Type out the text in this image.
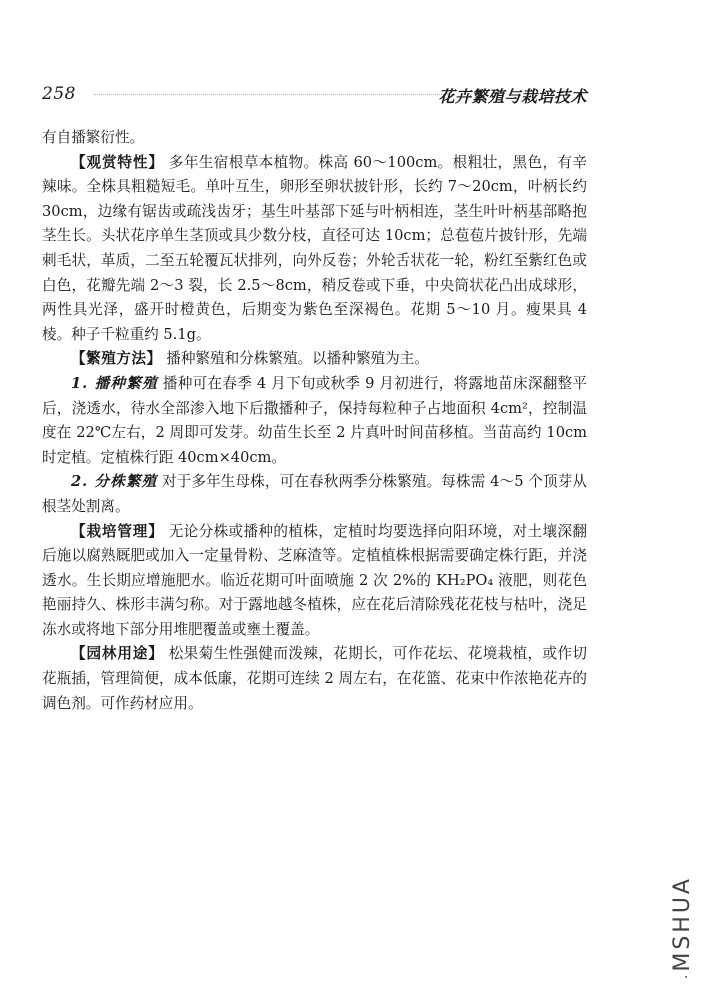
258	花卉繁殖与栽培技术

有自播繁衍性。

【观赏特性】 多年生宿根草本植物。株高 60～100cm。根粗壮，黑色，有辛辣味。全株具粗糙短毛。单叶互生，卵形至卵状披针形，长约 7～20cm，叶柄长约 30cm，边缘有锯齿或疏浅齿牙；基生叶基部下延与叶柄相连，茎生叶叶柄基部略抱茎生长。头状花序单生茎顶或具少数分枝，直径可达 10cm；总苞苞片披针形，先端刺毛状，革质，二至五轮覆瓦状排列，向外反卷；外轮舌状花一轮，粉红至紫红色或白色，花瓣先端 2～3 裂，长 2.5～8cm，稍反卷或下垂，中央筒状花凸出成球形，两性具光泽，盛开时橙黄色，后期变为紫色至深褐色。花期 5～10 月。瘦果具 4 棱。种子千粒重约 5.1g。

【繁殖方法】 播种繁殖和分株繁殖。以播种繁殖为主。

1. 播种繁殖 播种可在春季 4 月下旬或秋季 9 月初进行，将露地苗床深翻整平后，浇透水，待水全部渗入地下后撒播种子，保持每粒种子占地面积 4cm²，控制温度在 22℃左右，2 周即可发芽。幼苗生长至 2 片真叶时间苗移植。当苗高约 10cm 时定植。定植株行距 40cm×40cm。

2. 分株繁殖 对于多年生母株，可在春秋两季分株繁殖。每株需 4～5 个顶芽从根茎处割离。

【栽培管理】 无论分株或播种的植株，定植时均要选择向阳环境，对土壤深翻后施以腐熟厩肥或加入一定量骨粉、芝麻渣等。定植植株根据需要确定株行距，并浇透水。生长期应增施肥水。临近花期可叶面喷施 2 次 2%的 KH₂PO₄ 液肥，则花色艳丽持久、株形丰满匀称。对于露地越冬植株，应在花后清除残花花枝与枯叶，浇足冻水或将地下部分用堆肥覆盖或壅土覆盖。

【园林用途】 松果菊生性强健而泼辣，花期长，可作花坛、花境栽植，或作切花瓶插，管理简便，成本低廉，花期可连续 2 周左右，在花篮、花束中作浓艳花卉的调色剂。可作药材应用。

.MSHUA
